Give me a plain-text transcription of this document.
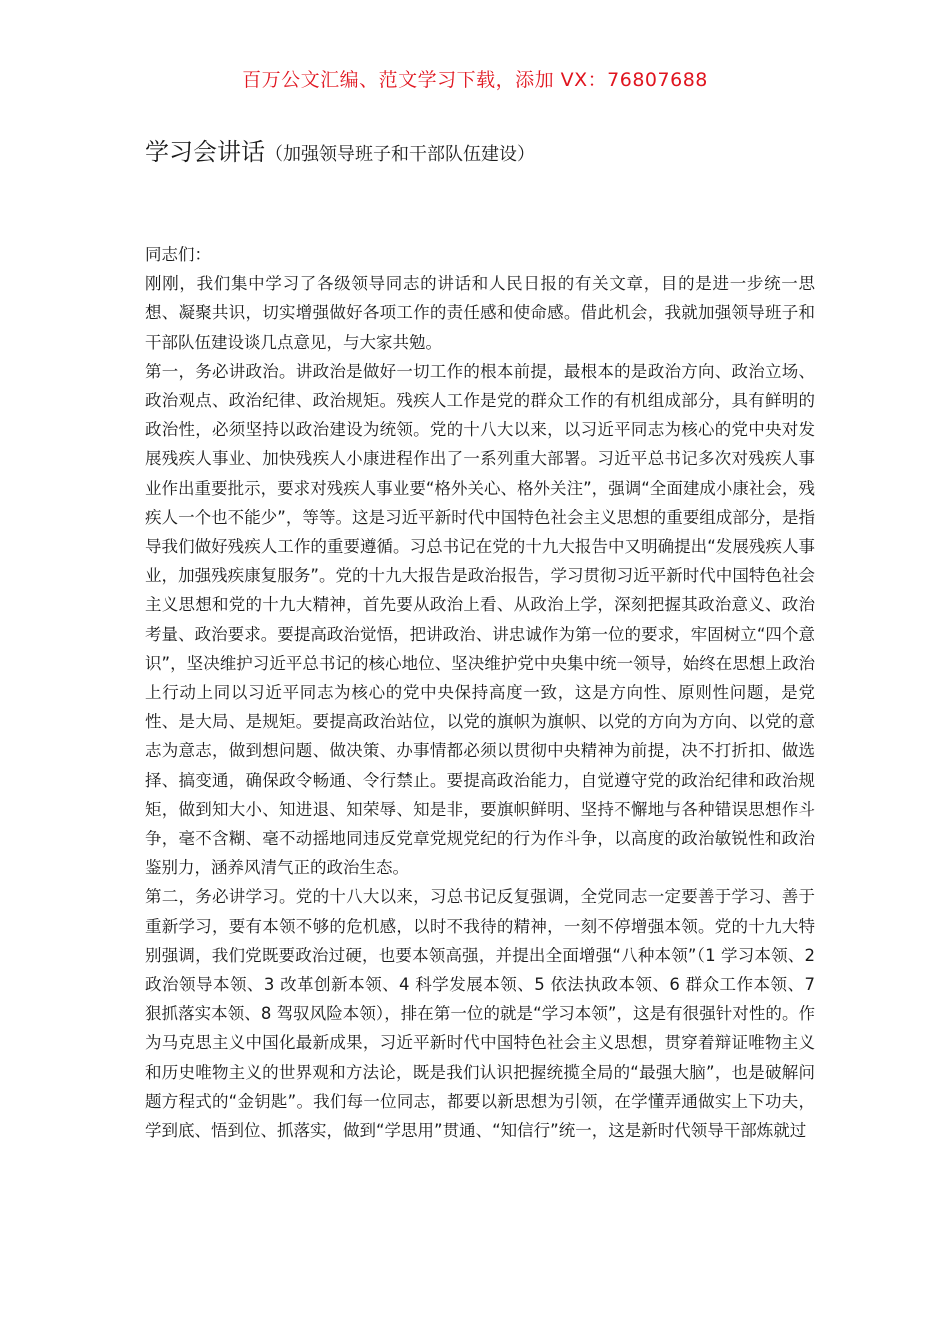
百万公文汇编、范文学习下载，添加 VX：76807688
学习会讲话（加强领导班子和干部队伍建设）

同志们：

刚刚，我们集中学习了各级领导同志的讲话和人民日报的有关文章，目的是进一步统一思想、凝聚共识，切实增强做好各项工作的责任感和使命感。借此机会，我就加强领导班子和干部队伍建设谈几点意见，与大家共勉。

第一，务必讲政治。讲政治是做好一切工作的根本前提，最根本的是政治方向、政治立场、政治观点、政治纪律、政治规矩。残疾人工作是党的群众工作的有机组成部分，具有鲜明的政治性，必须坚持以政治建设为统领。党的十八大以来，以习近平同志为核心的党中央对发展残疾人事业、加快残疾人小康进程作出了一系列重大部署。习近平总书记多次对残疾人事业作出重要批示，要求对残疾人事业要“格外关心、格外关注”，强调“全面建成小康社会，残疾人一个也不能少”，等等。这是习近平新时代中国特色社会主义思想的重要组成部分，是指导我们做好残疾人工作的重要遵循。习总书记在党的十九大报告中又明确提出“发展残疾人事业，加强残疾康复服务”。党的十九大报告是政治报告，学习贯彻习近平新时代中国特色社会主义思想和党的十九大精神，首先要从政治上看、从政治上学，深刻把握其政治意义、政治考量、政治要求。要提高政治觉悟，把讲政治、讲忠诚作为第一位的要求，牢固树立“四个意识”，坚决维护习近平总书记的核心地位、坚决维护党中央集中统一领导，始终在思想上政治上行动上同以习近平同志为核心的党中央保持高度一致，这是方向性、原则性问题，是党性、是大局、是规矩。要提高政治站位，以党的旗帜为旗帜、以党的方向为方向、以党的意志为意志，做到想问题、做决策、办事情都必须以贯彻中央精神为前提，决不打折扣、做选择、搞变通，确保政令畅通、令行禁止。要提高政治能力，自觉遵守党的政治纪律和政治规矩，做到知大小、知进退、知荣辱、知是非，要旗帜鲜明、坚持不懈地与各种错误思想作斗争，毫不含糊、毫不动摇地同违反党章党规党纪的行为作斗争，以高度的政治敏锐性和政治鉴别力，涵养风清气正的政治生态。

第二，务必讲学习。党的十八大以来，习总书记反复强调，全党同志一定要善于学习、善于重新学习，要有本领不够的危机感，以时不我待的精神，一刻不停增强本领。党的十九大特别强调，我们党既要政治过硬，也要本领高强，并提出全面增强“八种本领”（1 学习本领、2 政治领导本领、3 改革创新本领、4 科学发展本领、5 依法执政本领、6 群众工作本领、7 狠抓落实本领、8 驾驭风险本领），排在第一位的就是“学习本领”，这是有很强针对性的。作为马克思主义中国化最新成果，习近平新时代中国特色社会主义思想，贯穿着辩证唯物主义和历史唯物主义的世界观和方法论，既是我们认识把握统揽全局的“最强大脑”，也是破解问题方程式的“金钥匙”。我们每一位同志，都要以新思想为引领，在学懂弄通做实上下功夫，学到底、悟到位、抓落实，做到“学思用”贯通、“知信行”统一，这是新时代领导干部炼就过
